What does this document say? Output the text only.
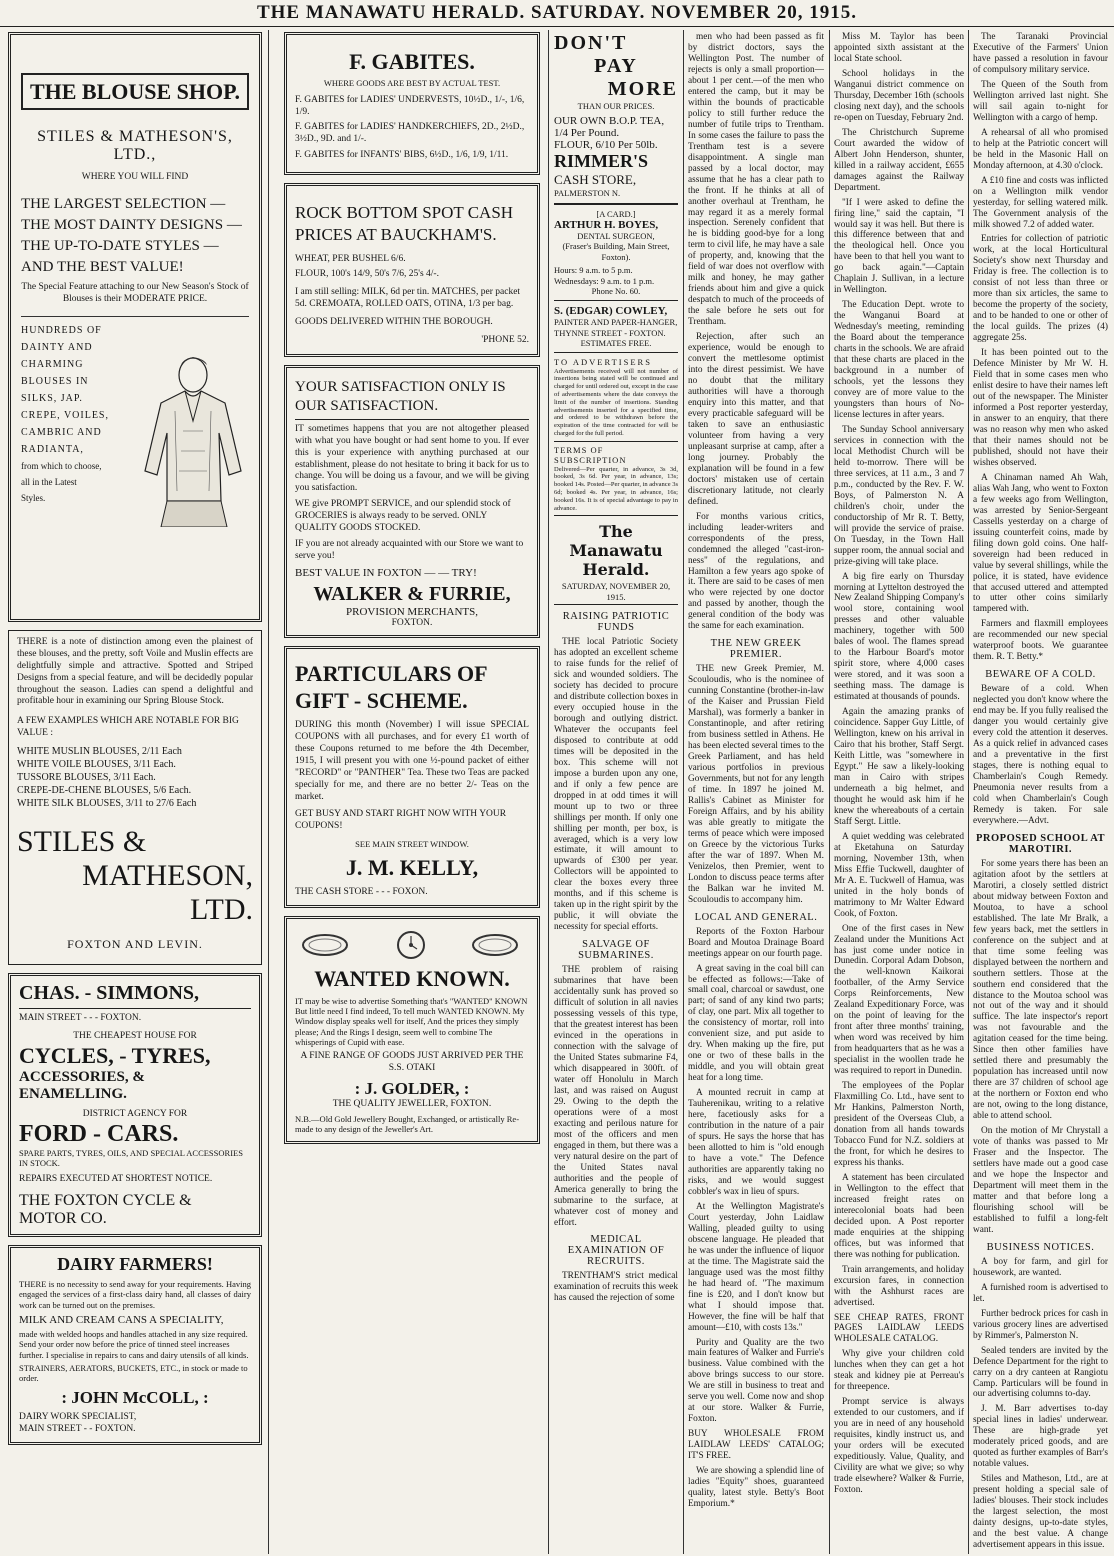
THE MANAWATU HERALD. SATURDAY. NOVEMBER 20, 1915.
THE BLOUSE SHOP.
STILES & MATHESON'S, LTD.,
WHERE YOU WILL FIND
THE LARGEST SELECTION —
THE MOST DAINTY DESIGNS —
THE UP-TO-DATE STYLES —
AND THE BEST VALUE!
The Special Feature attaching to our New Season's Stock of Blouses is their MODERATE PRICE.
HUNDREDS OF
DAINTY AND
CHARMING
BLOUSES IN
SILKS, JAP.
CREPE, VOILES,
CAMBRIC AND
RADIANTA,
from which to choose,
all in the Latest
Styles.
THERE is a note of distinction among even the plainest of these blouses, and the pretty, soft Voile and Muslin effects are delightfully simple and attractive. Spotted and Striped Designs from a special feature, and will be decidedly popular throughout the season. Ladies can spend a delightful and profitable hour in examining our Spring Blouse Stock.
A FEW EXAMPLES WHICH ARE NOTABLE FOR BIG VALUE :
WHITE MUSLIN BLOUSES, 2/11 Each
WHITE VOILE BLOUSES, 3/11 Each.
TUSSORE BLOUSES, 3/11 Each.
CREPE-DE-CHENE BLOUSES, 5/6 Each.
WHITE SILK BLOUSES, 3/11 to 27/6 Each
STILES &
MATHESON, LTD.
FOXTON AND LEVIN.
CHAS. - SIMMONS,
MAIN STREET - - - FOXTON.
THE CHEAPEST HOUSE FOR
CYCLES, - TYRES,
ACCESSORIES, & ENAMELLING.
DISTRICT AGENCY FOR
FORD - CARS.
SPARE PARTS, TYRES, OILS, AND SPECIAL ACCESSORIES IN STOCK.
REPAIRS EXECUTED AT SHORTEST NOTICE.
THE FOXTON CYCLE & MOTOR CO.
DAIRY FARMERS!
THERE is no necessity to send away for your requirements. Having engaged the services of a first-class dairy hand, all classes of dairy work can be turned out on the premises.
MILK AND CREAM CANS A SPECIALITY,
made with welded hoops and handles attached in any size required. Send your order now before the price of tinned steel increases further. I specialise in repairs to cans and dairy utensils of all kinds.
STRAINERS, AERATORS, BUCKETS, ETC., in stock or made to order.
: JOHN McCOLL, :
DAIRY WORK SPECIALIST,
MAIN STREET - - FOXTON.
F. GABITES.
WHERE GOODS ARE BEST BY ACTUAL TEST.
F. GABITES for LADIES' UNDERVESTS, 10½D., 1/-, 1/6, 1/9.
F. GABITES for LADIES' HANDKERCHIEFS, 2D., 2½D., 3½D., 9D. and 1/-.
F. GABITES for INFANTS' BIBS, 6½D., 1/6, 1/9, 1/11.
ROCK BOTTOM SPOT CASH PRICES AT BAUCKHAM'S.
WHEAT, PER BUSHEL 6/6.
FLOUR, 100's 14/9, 50's 7/6, 25's 4/-.
I am still selling: MILK, 6d per tin. MATCHES, per packet 5d. CREMOATA, ROLLED OATS, OTINA, 1/3 per bag.
GOODS DELIVERED WITHIN THE BOROUGH.
'PHONE 52.
YOUR SATISFACTION ONLY IS OUR SATISFACTION.
IT sometimes happens that you are not altogether pleased with what you have bought or had sent home to you. If ever this is your experience with anything purchased at our establishment, please do not hesitate to bring it back for us to change. You will be doing us a favour, and we will be giving you satisfaction.
WE give PROMPT SERVICE, and our splendid stock of GROCERIES is always ready to be served. ONLY QUALITY GOODS STOCKED.
IF you are not already acquainted with our Store we want to serve you!
BEST VALUE IN FOXTON — — TRY!
WALKER & FURRIE,
PROVISION MERCHANTS,
FOXTON.
PARTICULARS OF GIFT - SCHEME.
DURING this month (November) I will issue SPECIAL COUPONS with all purchases, and for every £1 worth of these Coupons returned to me before the 4th December, 1915, I will present you with one ½-pound packet of either "RECORD" or "PANTHER" Tea. These two Teas are packed specially for me, and there are no better 2/- Teas on the market.
GET BUSY AND START RIGHT NOW WITH YOUR COUPONS!
SEE MAIN STREET WINDOW.
J. M. KELLY,
THE CASH STORE - - - FOXON.
WANTED KNOWN.
IT may be wise to advertise Something that's "WANTED" KNOWN But little need I find indeed, To tell much WANTED KNOWN. My Window display speaks well for itself, And the prices they simply please; And the Rings I design, seem well to combine The whisperings of Cupid with ease.
A FINE RANGE OF GOODS JUST ARRIVED PER THE S.S. OTAKI
: J. GOLDER, :
THE QUALITY JEWELLER, FOXTON.
N.B.—Old Gold Jewellery Bought, Exchanged, or artistically Re-made to any design of the Jeweller's Art.
DON'T
PAY
MORE
THAN OUR PRICES.
OUR OWN B.O.P. TEA, 1/4 Per Pound.
FLOUR, 6/10 Per 50lb.
RIMMER'S
CASH STORE,
PALMERSTON N.
[A CARD.]
ARTHUR H. BOYES,
DENTAL SURGEON,
(Fraser's Building, Main Street, Foxton).
Hours: 9 a.m. to 5 p.m. Wednesdays: 9 a.m. to 1 p.m.
Phone No. 60.
S. (EDGAR) COWLEY,
PAINTER AND PAPER-HANGER,
THYNNE STREET - FOXTON.
ESTIMATES FREE.
TO ADVERTISERS
Advertisements received will not number of insertions being stated will be continued and charged for until ordered out, except in the case of advertisements where the date conveys the limit of the number of insertions. Standing advertisements inserted for a specified time, and ordered to be withdrawn before the expiration of the time contracted for will be charged for the full period.
TERMS OF SUBSCRIPTION
Delivered—Per quarter, in advance, 3s 3d, booked, 3s 6d. Per year, in advance, 13s; booked 14s. Posted—Per quarter, in advance 3s 6d; booked 4s. Per year, in advance, 16s; booked 16s. It is of special advantage to pay in advance.
The Manawatu Herald.
SATURDAY, NOVEMBER 20, 1915.
RAISING PATRIOTIC FUNDS

THE local Patriotic Society has adopted an excellent scheme to raise funds for the relief of sick and wounded soldiers. The society has decided to procure and distribute collection boxes in every occupied house in the borough and outlying district. Whatever the occupants feel disposed to contribute at odd times will be deposited in the box. This scheme will not impose a burden upon any one, and if only a few pence are dropped in at odd times it will mount up to two or three shillings per month. If only one shilling per month, per box, is averaged, which is a very low estimate, it will amount to upwards of £300 per year. Collectors will be appointed to clear the boxes every three months, and if this scheme is taken up in the right spirit by the public, it will obviate the necessity for special efforts.

SALVAGE OF SUBMARINES.

THE problem of raising submarines that have been accidentally sunk has proved so difficult of solution in all navies possessing vessels of this type, that the greatest interest has been evinced in the operations in connection with the salvage of the United States submarine F4, which disappeared in 300ft. of water off Honolulu in March last, and was raised on August 29. Owing to the depth the operations were of a most exacting and perilous nature for most of the officers and men engaged in them, but there was a very natural desire on the part of the United States naval authorities and the people of America generally to bring the submarine to the surface, at whatever cost of money and effort.

MEDICAL EXAMINATION OF RECRUITS.

TRENTHAM'S strict medical examination of recruits this week has caused the rejection of some

men who had been passed as fit by district doctors, says the Wellington Post. The number of rejects is only a small proportion—about 1 per cent.—of the men who entered the camp, but it may be within the bounds of practicable policy to still further reduce the number of futile trips to Trentham. In some cases the failure to pass the Trentham test is a severe disappointment. A single man passed by a local doctor, may assume that he has a clear path to the front. If he thinks at all of another overhaul at Trentham, he may regard it as a merely formal inspection. Serenely confident that he is bidding good-bye for a long term to civil life, he may have a sale of property, and, knowing that the field of war does not overflow with milk and honey, he may gather friends about him and give a quick despatch to much of the proceeds of the sale before he sets out for Trentham.

Rejection, after such an experience, would be enough to convert the mettlesome optimist into the direst pessimist. We have no doubt that the military authorities will have a thorough enquiry into this matter, and that every practicable safeguard will be taken to save an enthusiastic volunteer from having a very unpleasant surprise at camp, after a long journey. Probably the explanation will be found in a few doctors' mistaken use of certain discretionary latitude, not clearly defined.

For months various critics, including leader-writers and correspondents of the press, condemned the alleged "cast-iron-ness" of the regulations, and Hamilton a few years ago spoke of it. There are said to be cases of men who were rejected by one doctor and passed by another, though the general condition of the body was the same for each examination.

THE NEW GREEK PREMIER.

THE new Greek Premier, M. Scouloudis, who is the nominee of cunning Constantine (brother-in-law of the Kaiser and Prussian Field Marshal), was formerly a banker in Constantinople, and after retiring from business settled in Athens. He has been elected several times to the Greek Parliament, and has held various portfolios in previous Governments, but not for any length of time. In 1897 he joined M. Rallis's Cabinet as Minister for Foreign Affairs, and by his ability was able greatly to mitigate the terms of peace which were imposed on Greece by the victorious Turks after the war of 1897. When M. Venizelos, then Premier, went to London to discuss peace terms after the Balkan war he invited M. Scouloudis to accompany him.

LOCAL AND GENERAL.

Reports of the Foxton Harbour Board and Moutoa Drainage Board meetings appear on our fourth page.

A great saving in the coal bill can be effected as follows:—Take of small coal, charcoal or sawdust, one part; of sand of any kind two parts; of clay, one part. Mix all together to the consistency of mortar, roll into convenient size, and put aside to dry. When making up the fire, put one or two of these balls in the middle, and you will obtain great heat for a long time.

A mounted recruit in camp at Tauherenikau, writing to a relative here, facetiously asks for a contribution in the nature of a pair of spurs. He says the horse that has been allotted to him is "old enough to have a vote." The Defence authorities are apparently taking no risks, and we would suggest cobbler's wax in lieu of spurs.

At the Wellington Magistrate's Court yesterday, John Laidlaw Walling, pleaded guilty to using obscene language. He pleaded that he was under the influence of liquor at the time. The Magistrate said the language used was the most filthy he had heard of. "The maximum fine is £20, and I don't know but what I should impose that. However, the fine will be half that amount—£10, with costs 13s."

Purity and Quality are the two main features of Walker and Furrie's business. Value combined with the above brings success to our store. We are still in business to treat and serve you well. Come now and shop at our store. Walker & Furrie, Foxton.

BUY WHOLESALE FROM LAIDLAW LEEDS' CATALOG; IT'S FREE.

We are showing a splendid line of ladies "Equity" shoes, guaranteed quality, latest style. Betty's Boot Emporium.*

Miss M. Taylor has been appointed sixth assistant at the local State school.

School holidays in the Wanganui district commence on Thursday, December 16th (schools closing next day), and the schools re-open on Tuesday, February 2nd.

The Christchurch Supreme Court awarded the widow of Albert John Henderson, shunter, killed in a railway accident, £655 damages against the Railway Department.

"If I were asked to define the firing line," said the captain, "I would say it was hell. But there is this difference between that and the theological hell. Once you have been to that hell you want to go back again."—Captain Chaplain J. Sullivan, in a lecture in Wellington.

The Education Dept. wrote to the Wanganui Board at Wednesday's meeting, reminding the Board about the temperance charts in the schools. We are afraid that these charts are placed in the background in a number of schools, yet the lessons they convey are of more value to the youngsters than hours of No-license lectures in after years.

The Sunday School anniversary services in connection with the local Methodist Church will be held to-morrow. There will be three services, at 11 a.m., 3 and 7 p.m., conducted by the Rev. F. W. Boys, of Palmerston N. A children's choir, under the conductorship of Mr R. T. Betty, will provide the service of praise. On Tuesday, in the Town Hall supper room, the annual social and prize-giving will take place.

A big fire early on Thursday morning at Lyttelton destroyed the New Zealand Shipping Company's wool store, containing wool presses and other valuable machinery, together with 500 bales of wool. The flames spread to the Harbour Board's motor spirit store, where 4,000 cases were stored, and it was soon a seething mass. The damage is estimated at thousands of pounds.

Again the amazing pranks of coincidence. Sapper Guy Little, of Wellington, knew on his arrival in Cairo that his brother, Staff Sergt. Keith Little, was "somewhere in Egypt." He saw a likely-looking man in Cairo with stripes underneath a big helmet, and thought he would ask him if he knew the whereabouts of a certain Staff Sergt. Little.

A quiet wedding was celebrated at Eketahuna on Saturday morning, November 13th, when Miss Effie Tuckwell, daughter of Mr A. E. Tuckwell of Hamua, was united in the holy bonds of matrimony to Mr Walter Edward Cook, of Foxton.

One of the first cases in New Zealand under the Munitions Act has just come under notice in Dunedin. Corporal Adam Dobson, the well-known Kaikorai footballer, of the Army Service Corps Reinforcements, New Zealand Expeditionary Force, was on the point of leaving for the front after three months' training, when word was received by him from headquarters that as he was a specialist in the woollen trade he was required to report in Dunedin.

The employees of the Poplar Flaxmilling Co. Ltd., have sent to Mr Hankins, Palmerston North, president of the Overseas Club, a donation from all hands towards Tobacco Fund for N.Z. soldiers at the front, for which he desires to express his thanks.

A statement has been circulated in Wellington to the effect that increased freight rates on interecolonial boats had been decided upon. A Post reporter made enquiries at the shipping offices, but was informed that there was nothing for publication.

Train arrangements, and holiday excursion fares, in connection with the Ashhurst races are advertised.

SEE CHEAP RATES, FRONT PAGES LAIDLAW LEEDS WHOLESALE CATALOG.

Why give your children cold lunches when they can get a hot steak and kidney pie at Perreau's for threepence.

Prompt service is always extended to our customers, and if you are in need of any household requisites, kindly instruct us, and your orders will be executed expeditiously. Value, Quality, and Civility are what we give; so why trade elsewhere? Walker & Furrie, Foxton.

The Taranaki Provincial Executive of the Farmers' Union have passed a resolution in favour of compulsory military service.

The Queen of the South from Wellington arrived last night. She will sail again to-night for Wellington with a cargo of hemp.

A rehearsal of all who promised to help at the Patriotic concert will be held in the Masonic Hall on Monday afternoon, at 4.30 o'clock.

A £10 fine and costs was inflicted on a Wellington milk vendor yesterday, for selling watered milk. The Government analysis of the milk showed 7.2 of added water.

Entries for collection of patriotic work, at the local Horticultural Society's show next Thursday and Friday is free. The collection is to consist of not less than three or more than six articles, the same to become the property of the society, and to be handed to one or other of the local guilds. The prizes (4) aggregate 25s.

It has been pointed out to the Defence Minister by Mr W. H. Field that in some cases men who enlist desire to have their names left out of the newspaper. The Minister informed a Post reporter yesterday, in answer to an enquiry, that there was no reason why men who asked that their names should not be published, should not have their wishes observed.

A Chinaman named Ah Wah, alias Wah Jang, who went to Foxton a few weeks ago from Wellington, was arrested by Senior-Sergeant Cassells yesterday on a charge of issuing counterfeit coins, made by filing down gold coins. One half-sovereign had been reduced in value by several shillings, while the police, it is stated, have evidence that accused uttered and attempted to utter other coins similarly tampered with.

Farmers and flaxmill employees are recommended our new special waterproof boots. We guarantee them. R. T. Betty.*

BEWARE OF A COLD.

Beware of a cold. When neglected you don't know where the end may be. If you fully realised the danger you would certainly give every cold the attention it deserves. As a quick relief in advanced cases and a preventative in the first stages, there is nothing equal to Chamberlain's Cough Remedy. Pneumonia never results from a cold when Chamberlain's Cough Remedy is taken. For sale everywhere.—Advt.

PROPOSED SCHOOL AT MAROTIRI.

For some years there has been an agitation afoot by the settlers at Marotiri, a closely settled district about midway between Foxton and Moutoa, to have a school established. The late Mr Bralk, a few years back, met the settlers in conference on the subject and at that time some feeling was displayed between the northern and southern settlers. Those at the southern end considered that the distance to the Moutoa school was not out of the way and it should suffice. The late inspector's report was not favourable and the agitation ceased for the time being. Since then other families have settled there and presumably the population has increased until now there are 37 children of school age at the northern or Foxton end who are not, owing to the long distance, able to attend school.

On the motion of Mr Chrystall a vote of thanks was passed to Mr Fraser and the Inspector. The settlers have made out a good case and we hope the Inspector and Department will meet them in the matter and that before long a flourishing school will be established to fulfil a long-felt want.

BUSINESS NOTICES.

A boy for farm, and girl for housework, are wanted.

A furnished room is advertised to let.

Further bedrock prices for cash in various grocery lines are advertised by Rimmer's, Palmerston N.

Sealed tenders are invited by the Defence Department for the right to carry on a dry canteen at Rangiotu Camp. Particulars will be found in our advertising columns to-day.

J. M. Barr advertises to-day special lines in ladies' underwear. These are high-grade yet moderately priced goods, and are quoted as further examples of Barr's notable values.

Stiles and Matheson, Ltd., are at present holding a special sale of ladies' blouses. Their stock includes the largest selection, the most dainty designs, up-to-date styles, and the best value. A change advertisement appears in this issue.
